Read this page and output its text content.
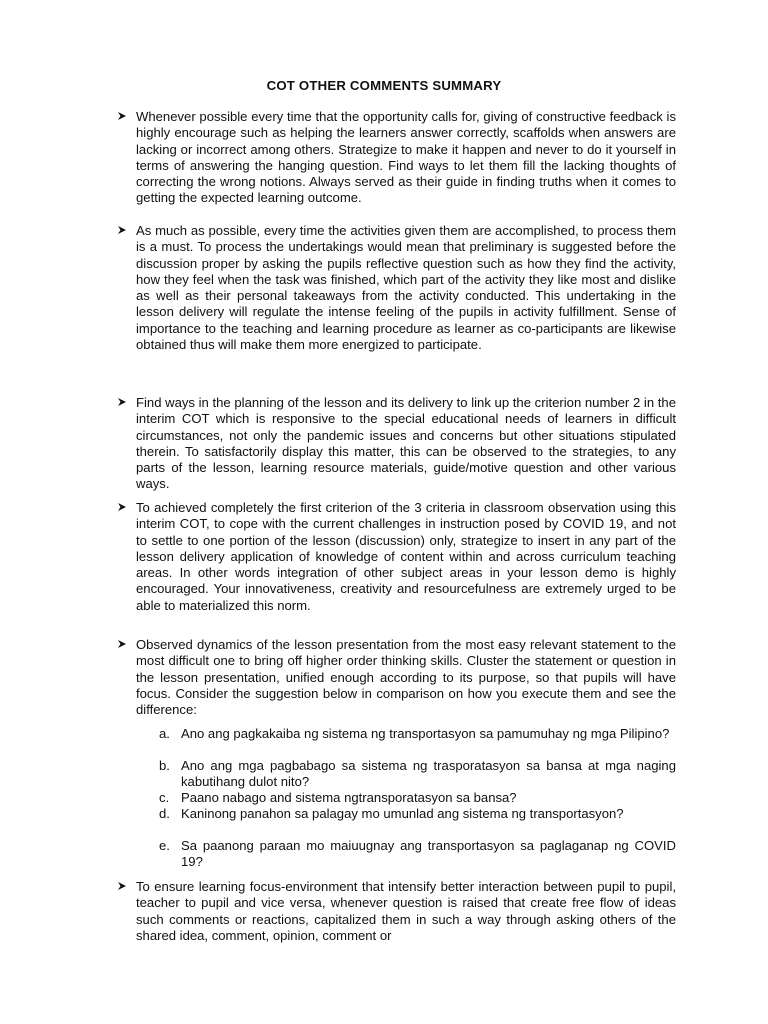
COT OTHER COMMENTS SUMMARY
Whenever possible every time that the opportunity calls for, giving of constructive feedback is highly encourage such as helping the learners answer correctly, scaffolds when answers are lacking or incorrect among others. Strategize to make it happen and never to do it yourself in terms of answering the hanging question. Find ways to let them fill the lacking thoughts of correcting the wrong notions. Always served as their guide in finding truths when it comes to getting the expected learning outcome.
As much as possible, every time the activities given them are accomplished, to process them is a must. To process the undertakings would mean that preliminary is suggested before the discussion proper by asking the pupils reflective question such as how they find the activity, how they feel when the task was finished, which part of the activity they like most and dislike as well as their personal takeaways from the activity conducted. This undertaking in the lesson delivery will regulate the intense feeling of the pupils in activity fulfillment. Sense of importance to the teaching and learning procedure as learner as co-participants are likewise obtained thus will make them more energized to participate.
Find ways in the planning of the lesson and its delivery to link up the criterion number 2 in the interim COT which is responsive to the special educational needs of learners in difficult circumstances, not only the pandemic issues and concerns but other situations stipulated therein. To satisfactorily display this matter, this can be observed to the strategies, to any parts of the lesson, learning resource materials, guide/motive question and other various ways.
To achieved completely the first criterion of the 3 criteria in classroom observation using this interim COT, to cope with the current challenges in instruction posed by COVID 19, and not to settle to one portion of the lesson (discussion) only, strategize to insert in any part of the lesson delivery application of knowledge of content within and across curriculum teaching areas. In other words integration of other subject areas in your lesson demo is highly encouraged. Your innovativeness, creativity and resourcefulness are extremely urged to be able to materialized this norm.
Observed dynamics of the lesson presentation from the most easy relevant statement to the most difficult one to bring off higher order thinking skills. Cluster the statement or question in the lesson presentation, unified enough according to its purpose, so that pupils will have focus. Consider the suggestion below in comparison on how you execute them and see the difference:
a. Ano ang pagkakaiba ng sistema ng transportasyon sa pamumuhay ng mga Pilipino?
b. Ano ang mga pagbabago sa sistema ng trasporatasyon sa bansa at mga naging        kabutihang dulot nito?
c. Paano nabago and sistema ngtransporatasyon sa bansa?
d. Kaninong panahon sa palagay mo umunlad ang sistema ng transportasyon?
e. Sa paanong paraan mo maiuugnay ang transportasyon sa paglaganap ng COVID 19?
To ensure learning focus-environment that intensify better interaction between pupil to pupil, teacher to pupil and vice versa, whenever question is raised that create free flow of ideas such comments or reactions, capitalized them in such a way through asking others of the shared idea, comment, opinion, comment or
